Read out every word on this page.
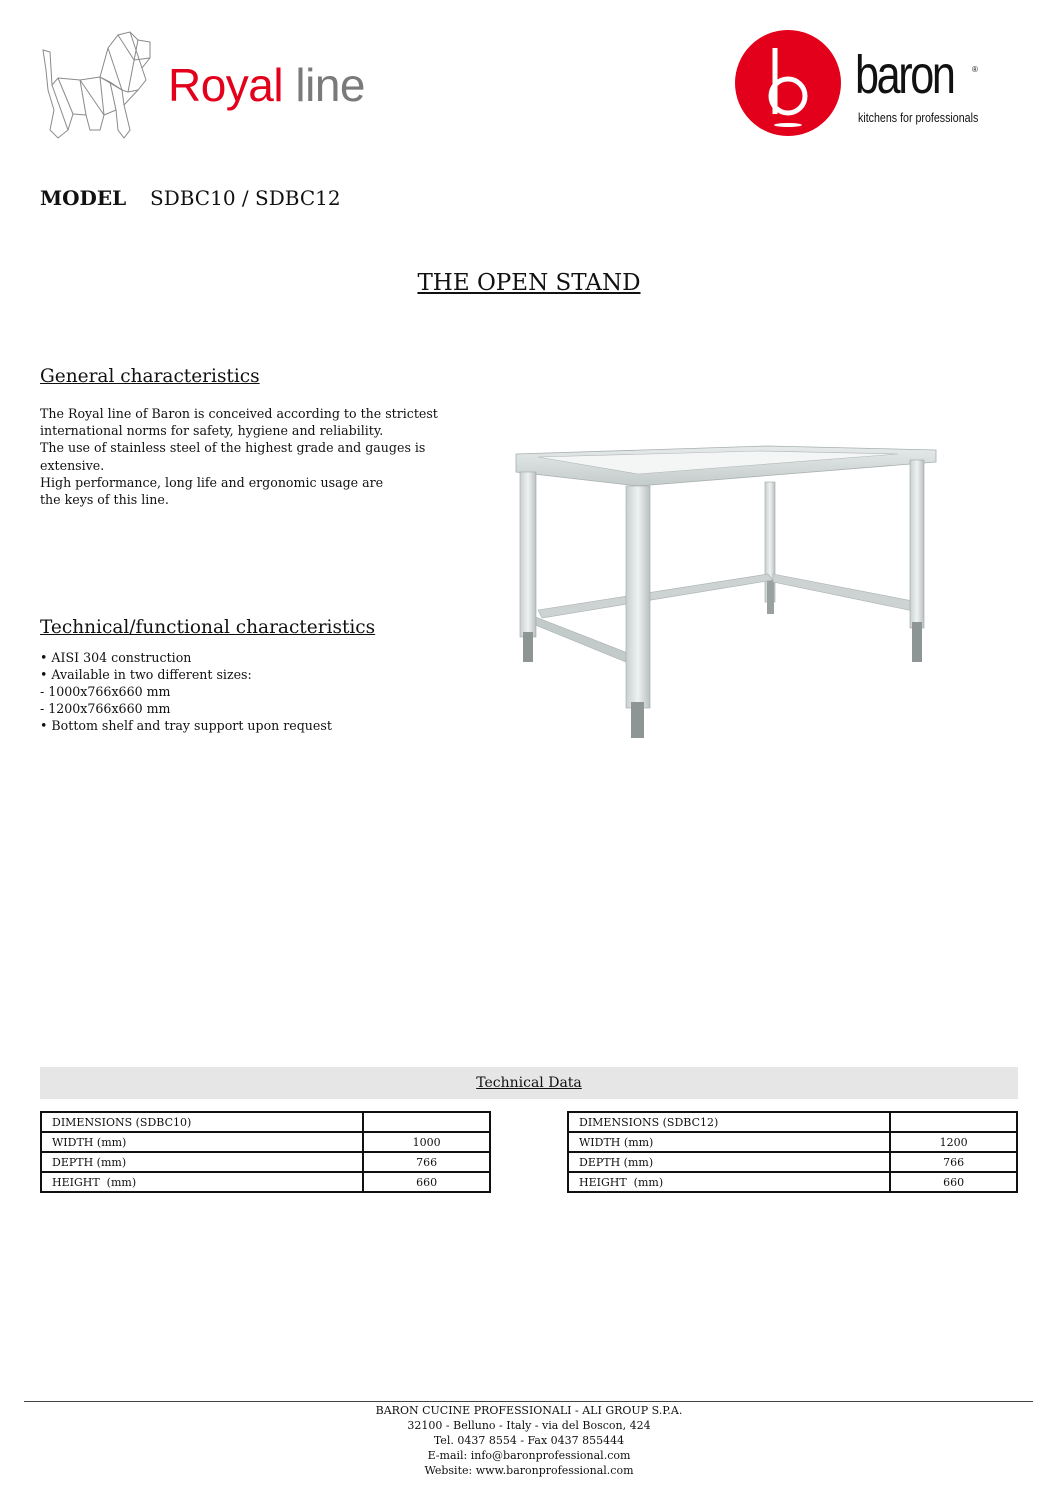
Royal line	baron ®
kitchens for professionals
MODEL SDBC10 / SDBC12
THE OPEN STAND
General characteristics
The Royal line of Baron is conceived according to the strictest
international norms for safety, hygiene and reliability.
The use of stainless steel of the highest grade and gauges is
extensive.
High performance, long life and ergonomic usage are
the keys of this line.
Technical/functional characteristics
• AISI 304 construction
• Available in two different sizes:
- 1000x766x660 mm
- 1200x766x660 mm
• Bottom shelf and tray support upon request
Technical Data
DIMENSIONS (SDBC10)	
WIDTH (mm)	1000
DEPTH (mm)	766
HEIGHT  (mm)	660
DIMENSIONS (SDBC12)	
WIDTH (mm)	1200
DEPTH (mm)	766
HEIGHT  (mm)	660
BARON CUCINE PROFESSIONALI - ALI GROUP S.P.A.
32100 - Belluno - Italy - via del Boscon, 424
Tel. 0437 8554 - Fax 0437 855444
E-mail: info@baronprofessional.com
Website: www.baronprofessional.com
